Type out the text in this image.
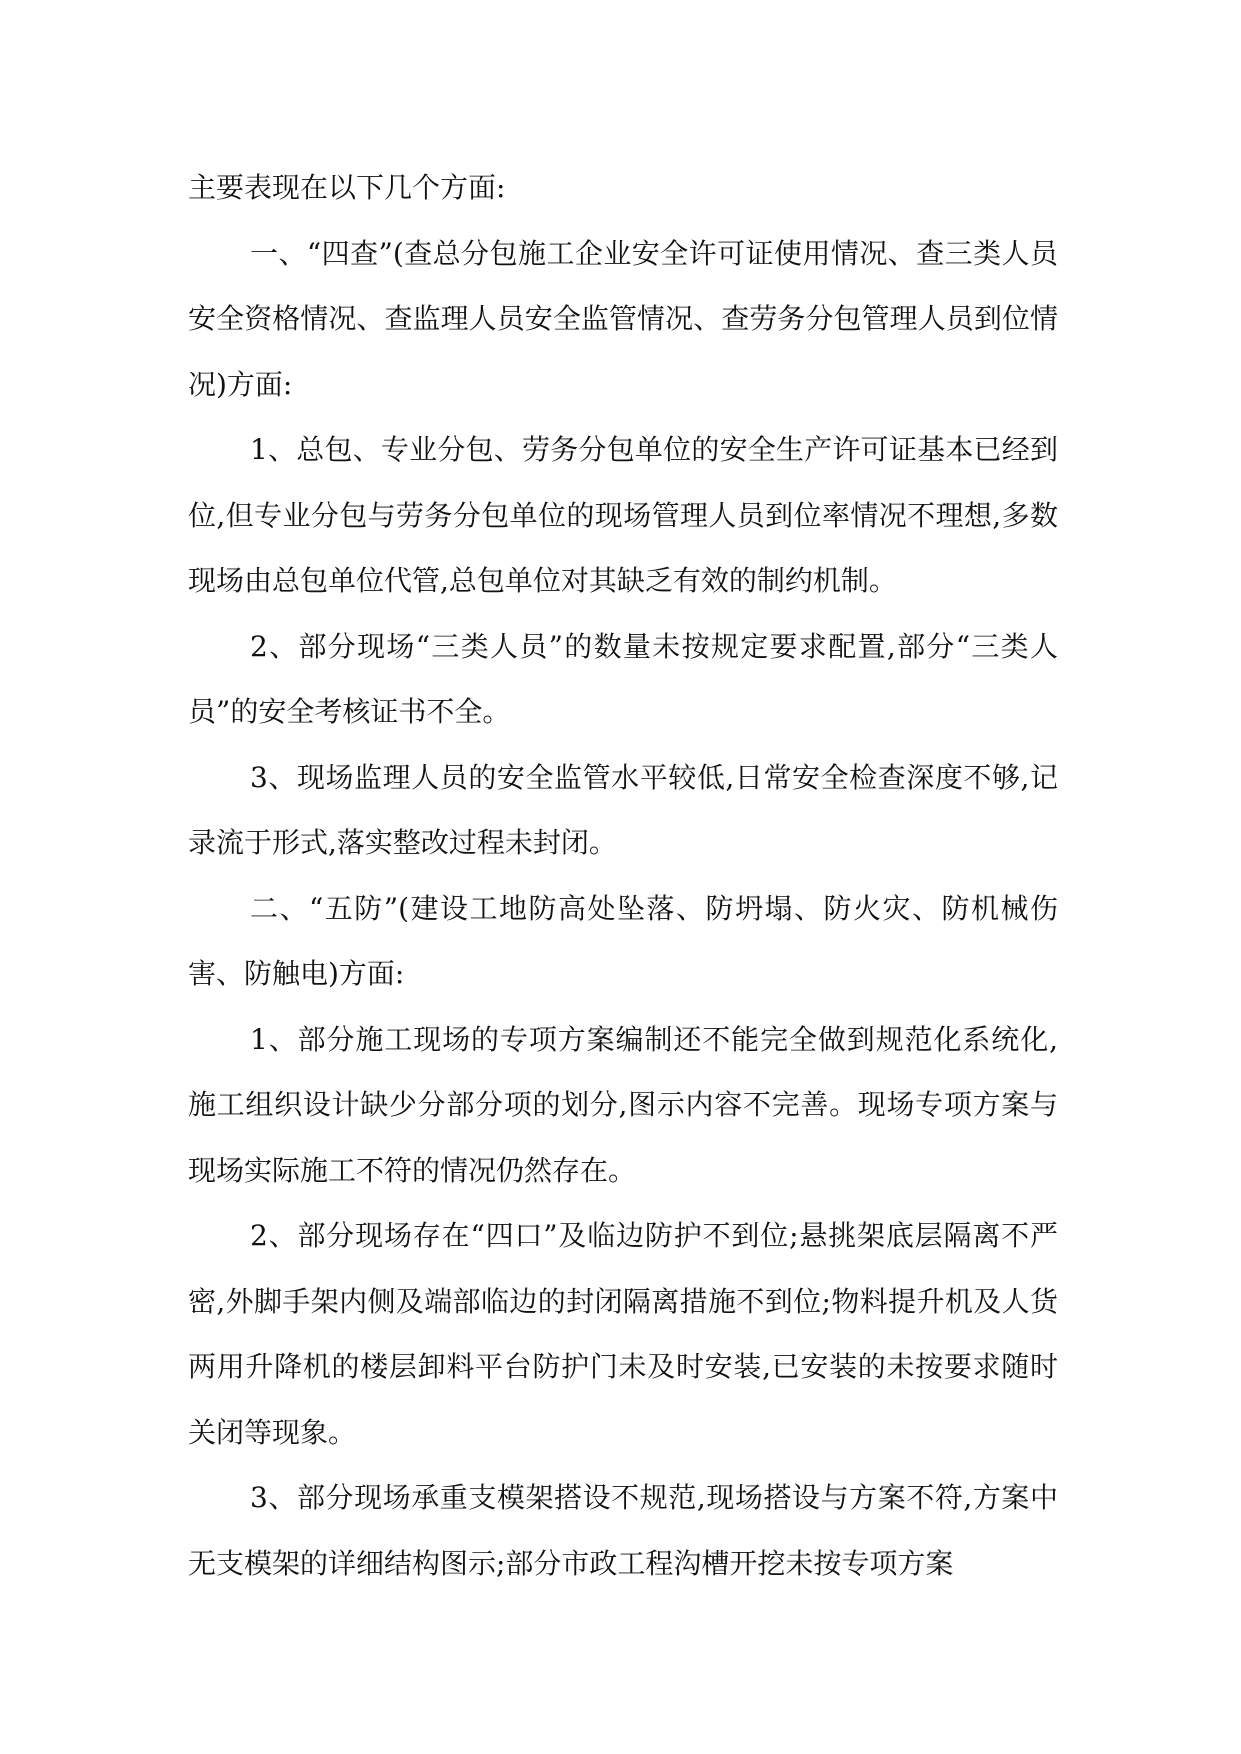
主要表现在以下几个方面:

一、“四查”(查总分包施工企业安全许可证使用情况、查三类人员安全资格情况、查监理人员安全监管情况、查劳务分包管理人员到位情况)方面:

1、总包、专业分包、劳务分包单位的安全生产许可证基本已经到位,但专业分包与劳务分包单位的现场管理人员到位率情况不理想,多数现场由总包单位代管,总包单位对其缺乏有效的制约机制。

2、部分现场“三类人员”的数量未按规定要求配置,部分“三类人员”的安全考核证书不全。

3、现场监理人员的安全监管水平较低,日常安全检查深度不够,记录流于形式,落实整改过程未封闭。

二、“五防”(建设工地防高处坠落、防坍塌、防火灾、防机械伤害、防触电)方面:

1、部分施工现场的专项方案编制还不能完全做到规范化系统化,施工组织设计缺少分部分项的划分,图示内容不完善。现场专项方案与现场实际施工不符的情况仍然存在。

2、部分现场存在“四口”及临边防护不到位;悬挑架底层隔离不严密,外脚手架内侧及端部临边的封闭隔离措施不到位;物料提升机及人货两用升降机的楼层卸料平台防护门未及时安装,已安装的未按要求随时关闭等现象。

3、部分现场承重支模架搭设不规范,现场搭设与方案不符,方案中无支模架的详细结构图示;部分市政工程沟槽开挖未按专项方案
